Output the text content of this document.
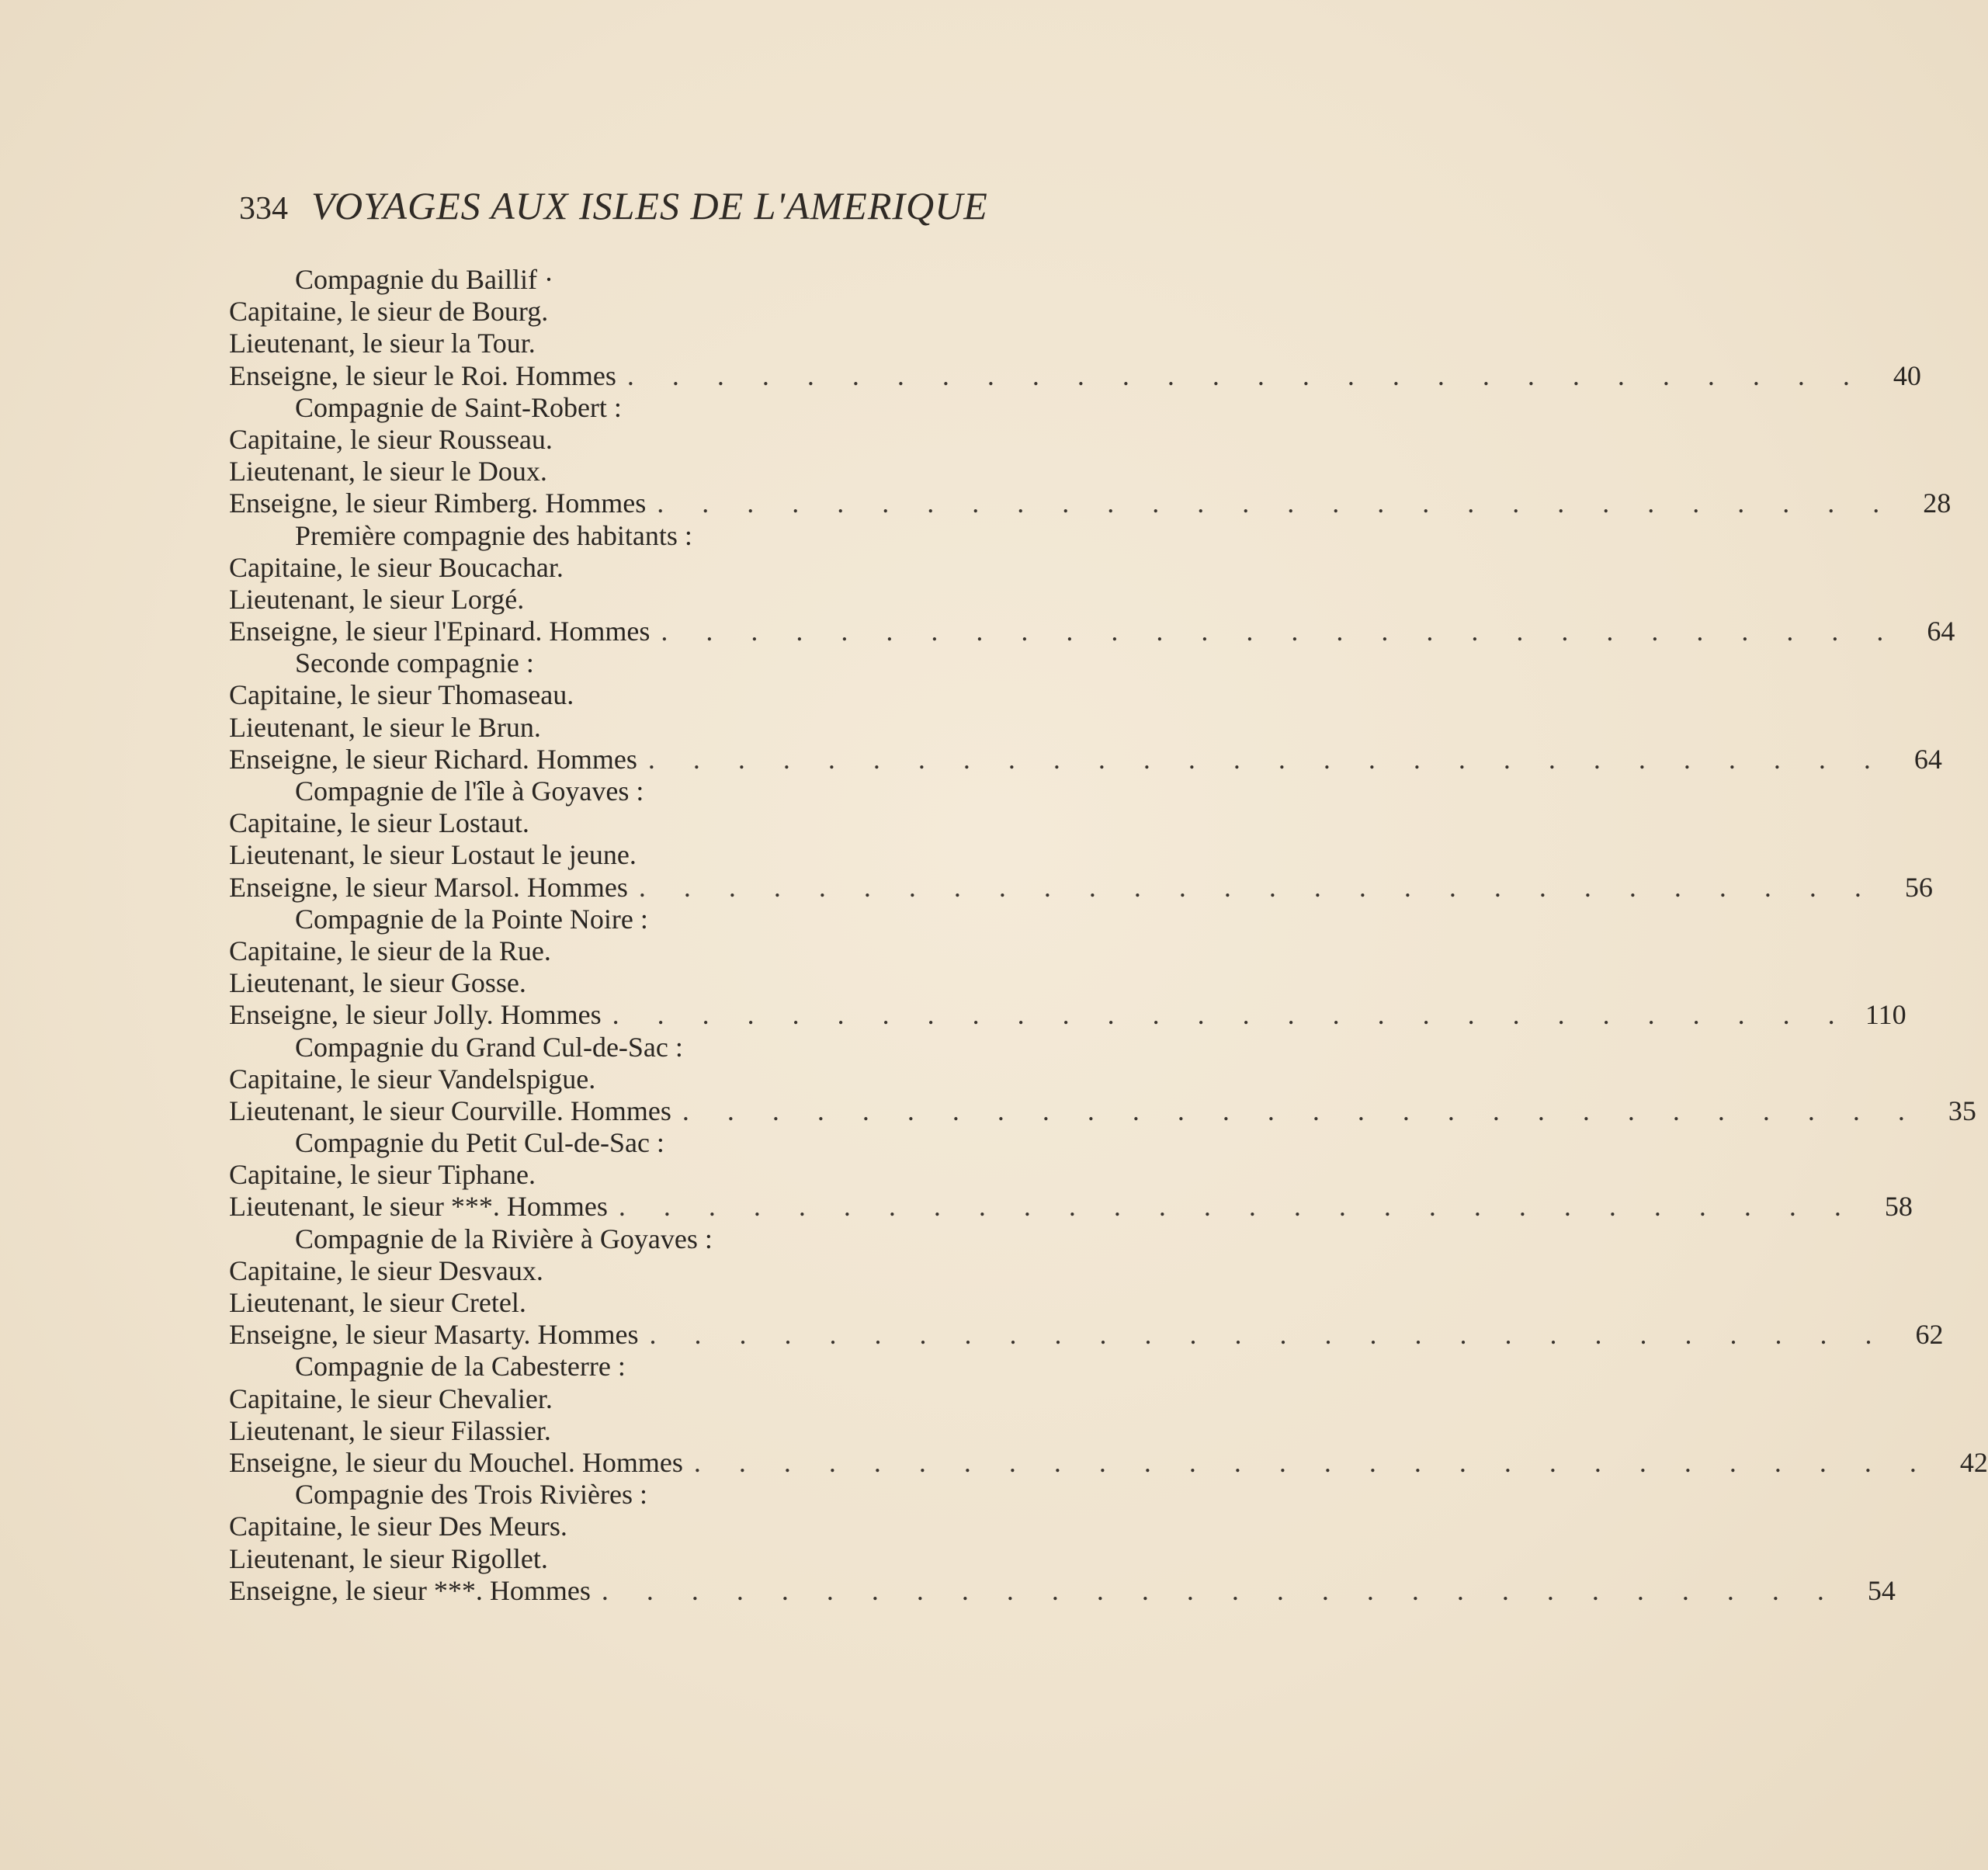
334 VOYAGES AUX ISLES DE L'AMERIQUE
Compagnie du Baillif ·
Capitaine, le sieur de Bourg.
Lieutenant, le sieur la Tour.
Enseigne, le sieur le Roi. Hommes . . . . . . . . . . . . . . . . . . . . . . . . . . . .	40
Compagnie de Saint-Robert :
Capitaine, le sieur Rousseau.
Lieutenant, le sieur le Doux.
Enseigne, le sieur Rimberg. Hommes . . . . . . . . . . . . . . . . . . . . . . . . . . . .	28
Première compagnie des habitants :
Capitaine, le sieur Boucachar.
Lieutenant, le sieur Lorgé.
Enseigne, le sieur l'Epinard. Hommes . . . . . . . . . . . . . . . . . . . . . . . . . . . .	64
Seconde compagnie :
Capitaine, le sieur Thomaseau.
Lieutenant, le sieur le Brun.
Enseigne, le sieur Richard. Hommes . . . . . . . . . . . . . . . . . . . . . . . . . . . .	64
Compagnie de l'île à Goyaves :
Capitaine, le sieur Lostaut.
Lieutenant, le sieur Lostaut le jeune.
Enseigne, le sieur Marsol. Hommes . . . . . . . . . . . . . . . . . . . . . . . . . . . .	56
Compagnie de la Pointe Noire :
Capitaine, le sieur de la Rue.
Lieutenant, le sieur Gosse.
Enseigne, le sieur Jolly. Hommes . . . . . . . . . . . . . . . . . . . . . . . . . . . . 110
Compagnie du Grand Cul-de-Sac :
Capitaine, le sieur Vandelspigue.
Lieutenant, le sieur Courville. Hommes . . . . . . . . . . . . . . . . . . . . . . . . . . . .	35
Compagnie du Petit Cul-de-Sac :
Capitaine, le sieur Tiphane.
Lieutenant, le sieur ***. Hommes . . . . . . . . . . . . . . . . . . . . . . . . . . . .	58
Compagnie de la Rivière à Goyaves :
Capitaine, le sieur Desvaux.
Lieutenant, le sieur Cretel.
Enseigne, le sieur Masarty. Hommes . . . . . . . . . . . . . . . . . . . . . . . . . . . .	62
Compagnie de la Cabesterre :
Capitaine, le sieur Chevalier.
Lieutenant, le sieur Filassier.
Enseigne, le sieur du Mouchel. Hommes . . . . . . . . . . . . . . . . . . . . . . . . . . . .	42
Compagnie des Trois Rivières :
Capitaine, le sieur Des Meurs.
Lieutenant, le sieur Rigollet.
Enseigne, le sieur ***. Hommes . . . . . . . . . . . . . . . . . . . . . . . . . . . .	54
